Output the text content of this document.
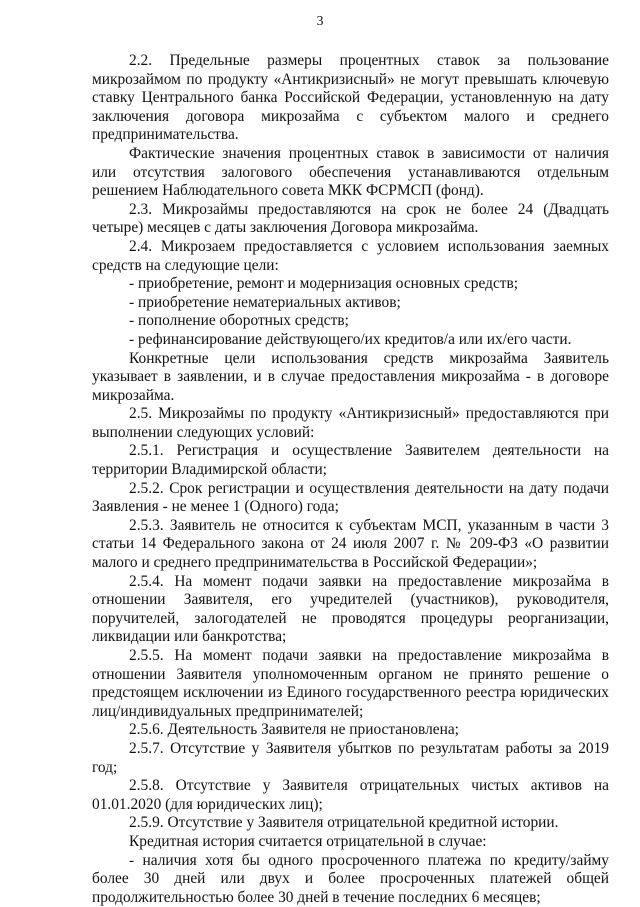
3

2.2. Предельные размеры процентных ставок за пользование микрозаймом по продукту «Антикризисный» не могут превышать ключевую ставку Центрального банка Российской Федерации, установленную на дату заключения договора микрозайма с субъектом малого и среднего предпринимательства.

Фактические значения процентных ставок в зависимости от наличия или отсутствия залогового обеспечения устанавливаются отдельным решением Наблюдательного совета МКК ФСРМСП (фонд).

2.3. Микрозаймы предоставляются на срок не более 24 (Двадцать четыре) месяцев с даты заключения Договора микрозайма.

2.4. Микрозаем предоставляется с условием использования заемных средств на следующие цели:

- приобретение, ремонт и модернизация основных средств;

- приобретение нематериальных активов;

- пополнение оборотных средств;

- рефинансирование действующего/их кредитов/а или их/его части.

Конкретные цели использования средств микрозайма Заявитель указывает в заявлении, и в случае предоставления микрозайма - в договоре микрозайма.

2.5. Микрозаймы по продукту «Антикризисный» предоставляются при выполнении следующих условий:

2.5.1. Регистрация и осуществление Заявителем деятельности на территории Владимирской области;

2.5.2. Срок регистрации и осуществления деятельности на дату подачи Заявления - не менее 1 (Одного) года;

2.5.3. Заявитель не относится к субъектам МСП, указанным в части 3 статьи 14 Федерального закона от 24 июля 2007 г. № 209-ФЗ «О развитии малого и среднего предпринимательства в Российской Федерации»;

2.5.4. На момент подачи заявки на предоставление микрозайма в отношении Заявителя, его учредителей (участников), руководителя, поручителей, залогодателей не проводятся процедуры реорганизации, ликвидации или банкротства;

2.5.5. На момент подачи заявки на предоставление микрозайма в отношении Заявителя уполномоченным органом не принято решение о предстоящем исключении из Единого государственного реестра юридических лиц/индивидуальных предпринимателей;

2.5.6. Деятельность Заявителя не приостановлена;

2.5.7. Отсутствие у Заявителя убытков по результатам работы за 2019 год;

2.5.8. Отсутствие у Заявителя отрицательных чистых активов на 01.01.2020 (для юридических лиц);

2.5.9. Отсутствие у Заявителя отрицательной кредитной истории.

Кредитная история считается отрицательной в случае:

- наличия хотя бы одного просроченного платежа по кредиту/займу более 30 дней или двух и более просроченных платежей общей продолжительностью более 30 дней в течение последних 6 месяцев;
